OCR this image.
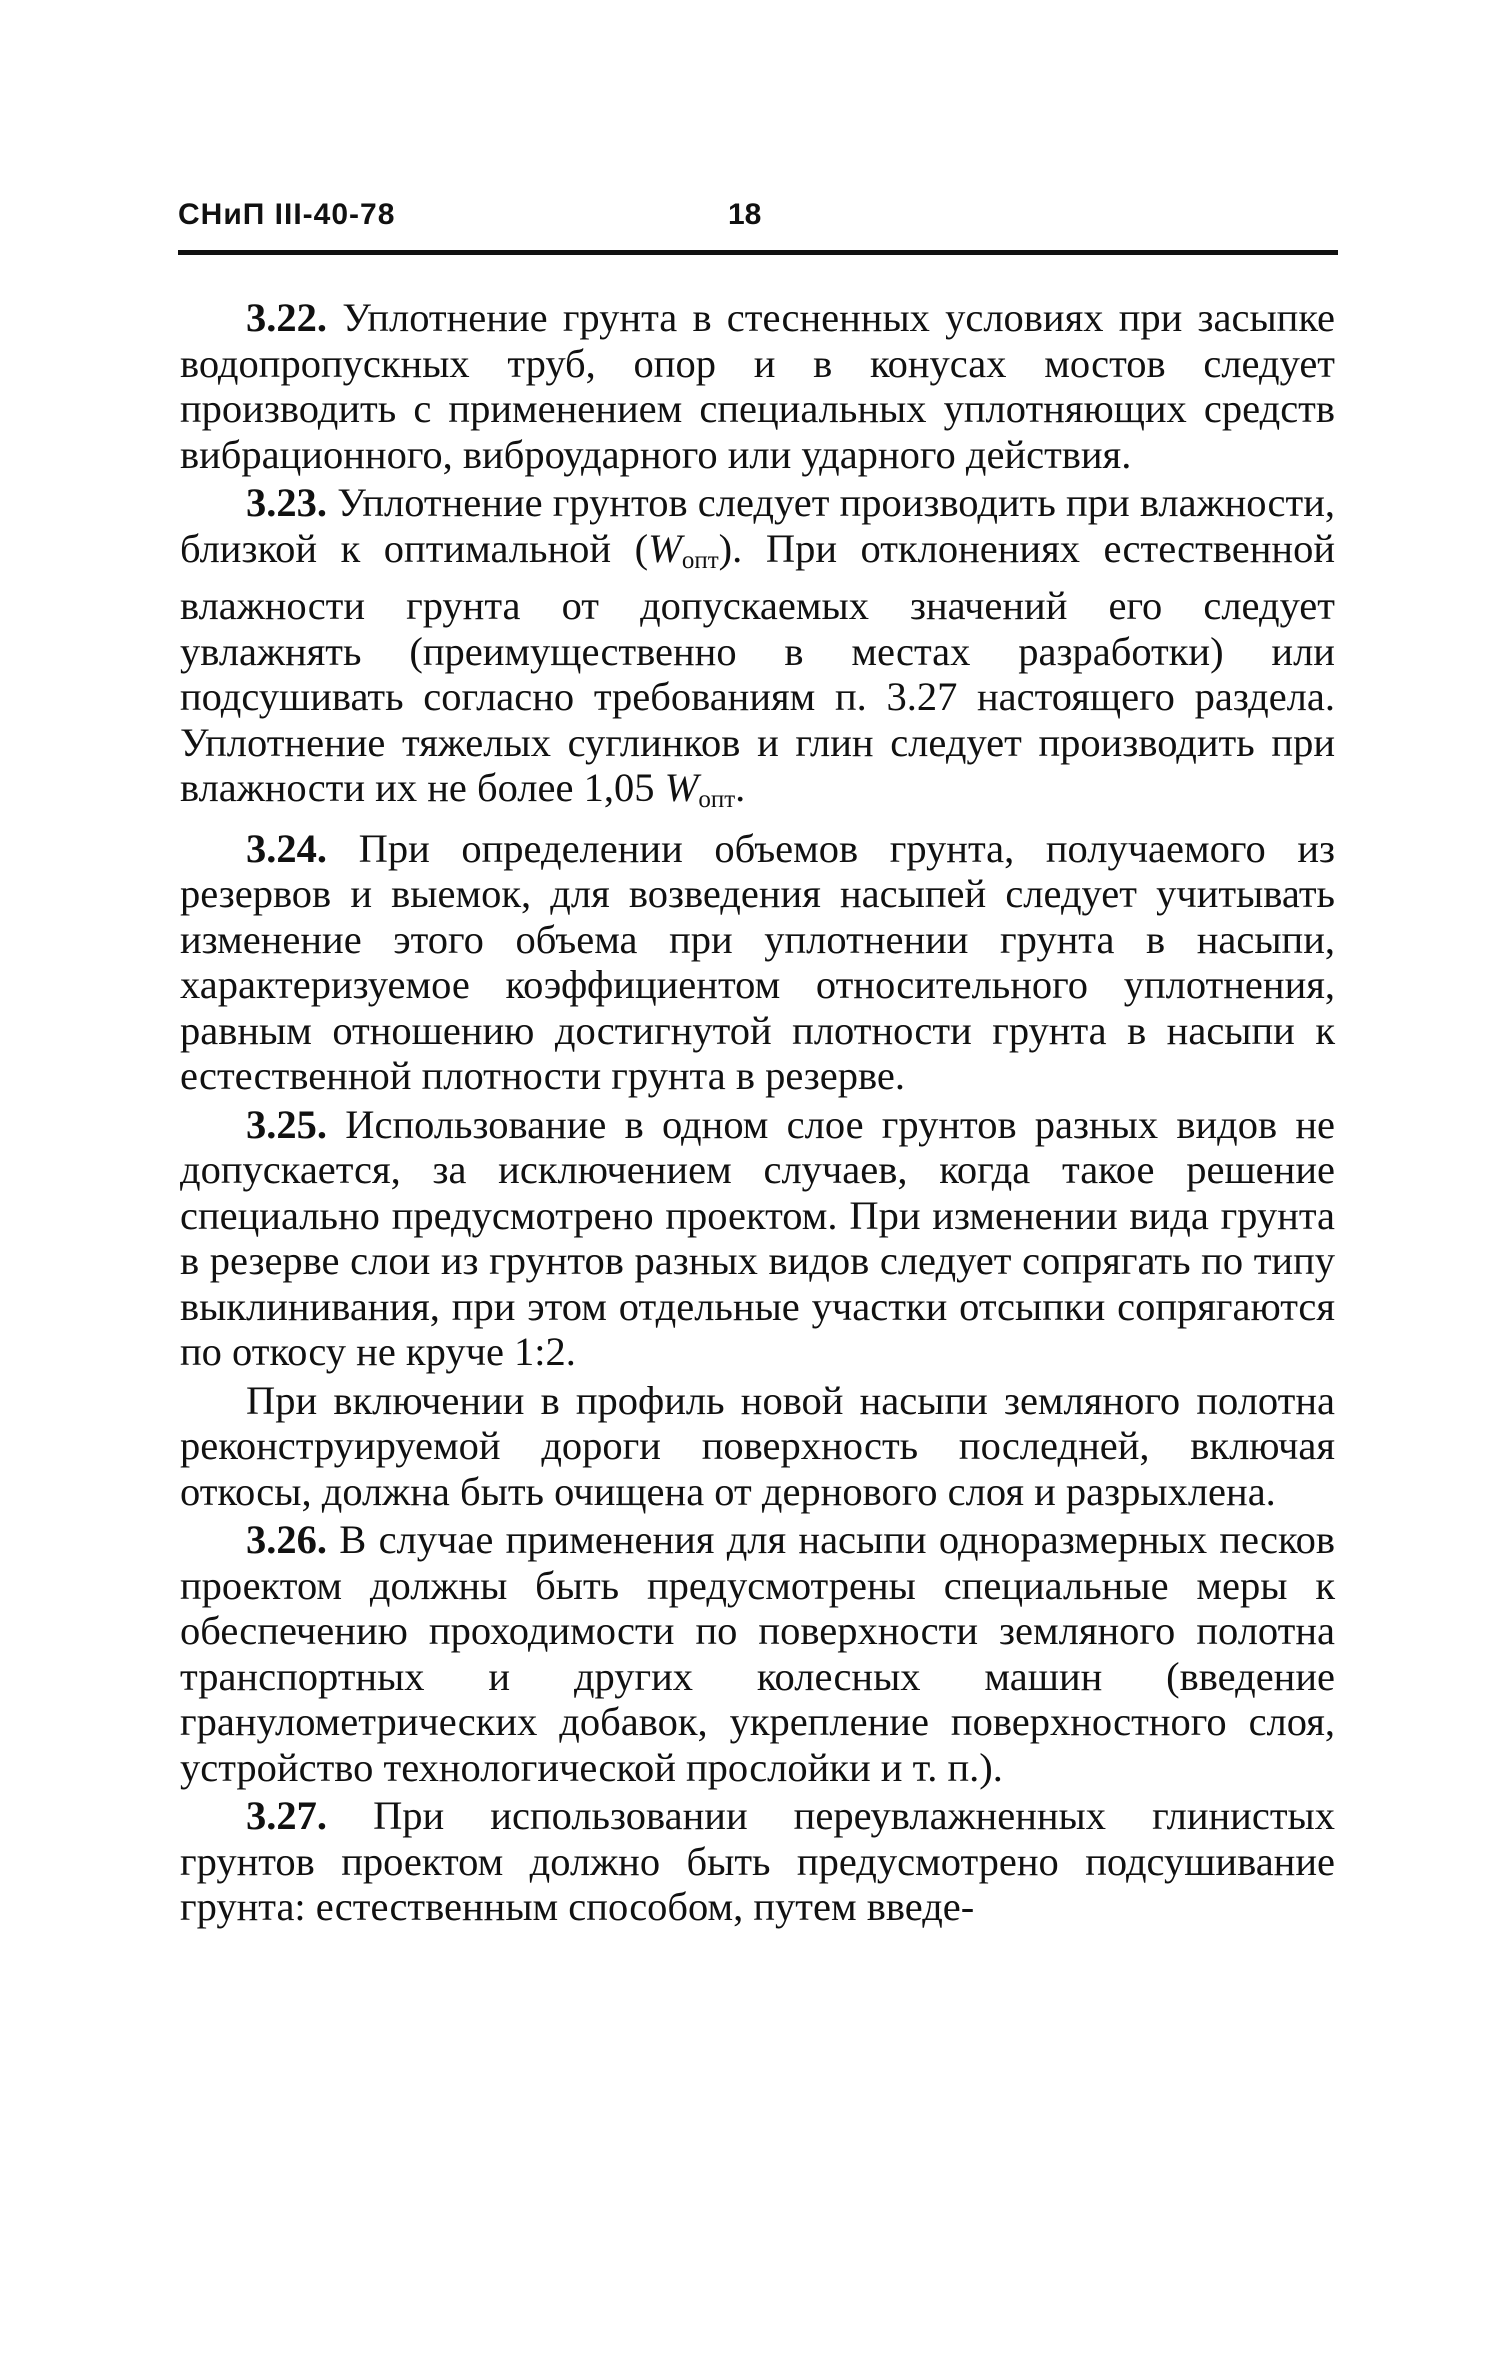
СНиП III-40-78	18

3.22. Уплотнение грунта в стесненных условиях при засыпке водопропускных труб, опор и в конусах мостов следует производить с применением специальных уплотняющих средств вибрационного, виброударного или ударного действия.

3.23. Уплотнение грунтов следует производить при влажности, близкой к оптимальной $(W_{опт})$. При отклонениях естественной влажности грунта от допускаемых значений его следует увлажнять (преимущественно в местах разработки) или подсушивать согласно требованиям п. 3.27 настоящего раздела. Уплотнение тяжелых суглинков и глин следует производить при влажности их не более 1,05 $W_{опт}$.

3.24. При определении объемов грунта, получаемого из резервов и выемок, для возведения насыпей следует учитывать изменение этого объема при уплотнении грунта в насыпи, характеризуемое коэффициентом относительного уплотнения, равным отношению достигнутой плотности грунта в насыпи к естественной плотности грунта в резерве.

3.25. Использование в одном слое грунтов разных видов не допускается, за исключением случаев, когда такое решение специально предусмотрено проектом. При изменении вида грунта в резерве слои из грунтов разных видов следует сопрягать по типу выклинивания, при этом отдельные участки отсыпки сопрягаются по откосу не круче 1:2.

При включении в профиль новой насыпи земляного полотна реконструируемой дороги поверхность последней, включая откосы, должна быть очищена от дернового слоя и разрыхлена.

3.26. В случае применения для насыпи одноразмерных песков проектом должны быть предусмотрены специальные меры к обеспечению проходимости по поверхности земляного полотна транспортных и других колесных машин (введение гранулометрических добавок, укрепление поверхностного слоя, устройство технологической прослойки и т. п.).

3.27. При использовании переувлажненных глинистых грунтов проектом должно быть предусмотрено подсушивание грунта: естественным способом, путем введе-
